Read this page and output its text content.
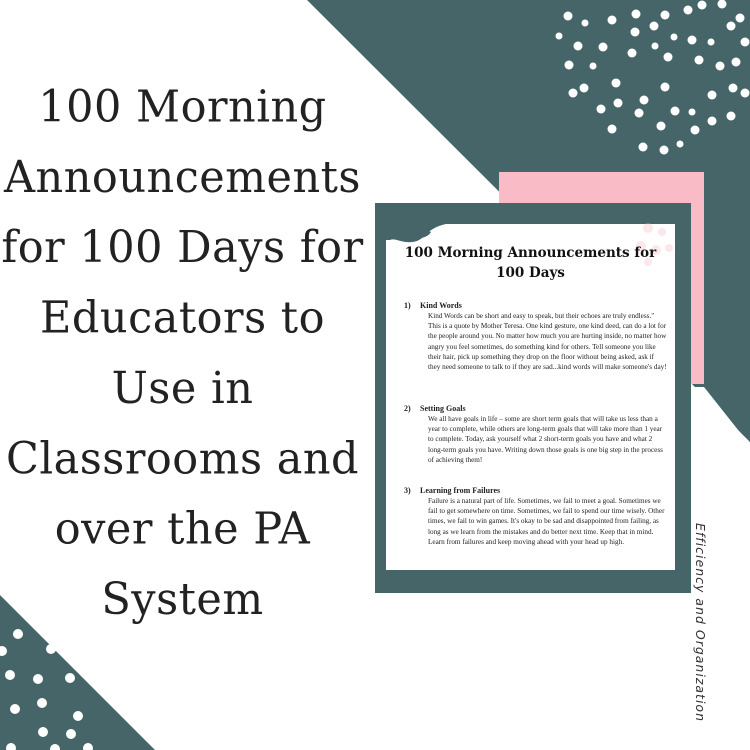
100 Morning
Announcements
for 100 Days for
Educators to
Use in
Classrooms and
over the PA
System
100 Morning Announcements for
100 Days
1) Kind Words
Kind Words can be short and easy to speak, but their echoes are truly endless." This is a quote by Mother Teresa. One kind gesture, one kind deed, can do a lot for the people around you. No matter how much you are hurting inside, no matter how angry you feel sometimes, do something kind for others. Tell someone you like their hair, pick up something they drop on the floor without being asked, ask if they need someone to talk to if they are sad...kind words will make someone's day!
2) Setting Goals
We all have goals in life – some are short term goals that will take us less than a year to complete, while others are long-term goals that will take more than 1 year to complete. Today, ask yourself what 2 short-term goals you have and what 2 long-term goals you have. Writing down those goals is one big step in the process of achieving them!
3) Learning from Failures
Failure is a natural part of life. Sometimes, we fail to meet a goal. Sometimes we fail to get somewhere on time. Sometimes, we fail to spend our time wisely. Other times, we fail to win games. It's okay to be sad and disappointed from failing, as long as we learn from the mistakes and do better next time. Keep that in mind. Learn from failures and keep moving ahead with your head up high.	Efficiency and Organization
